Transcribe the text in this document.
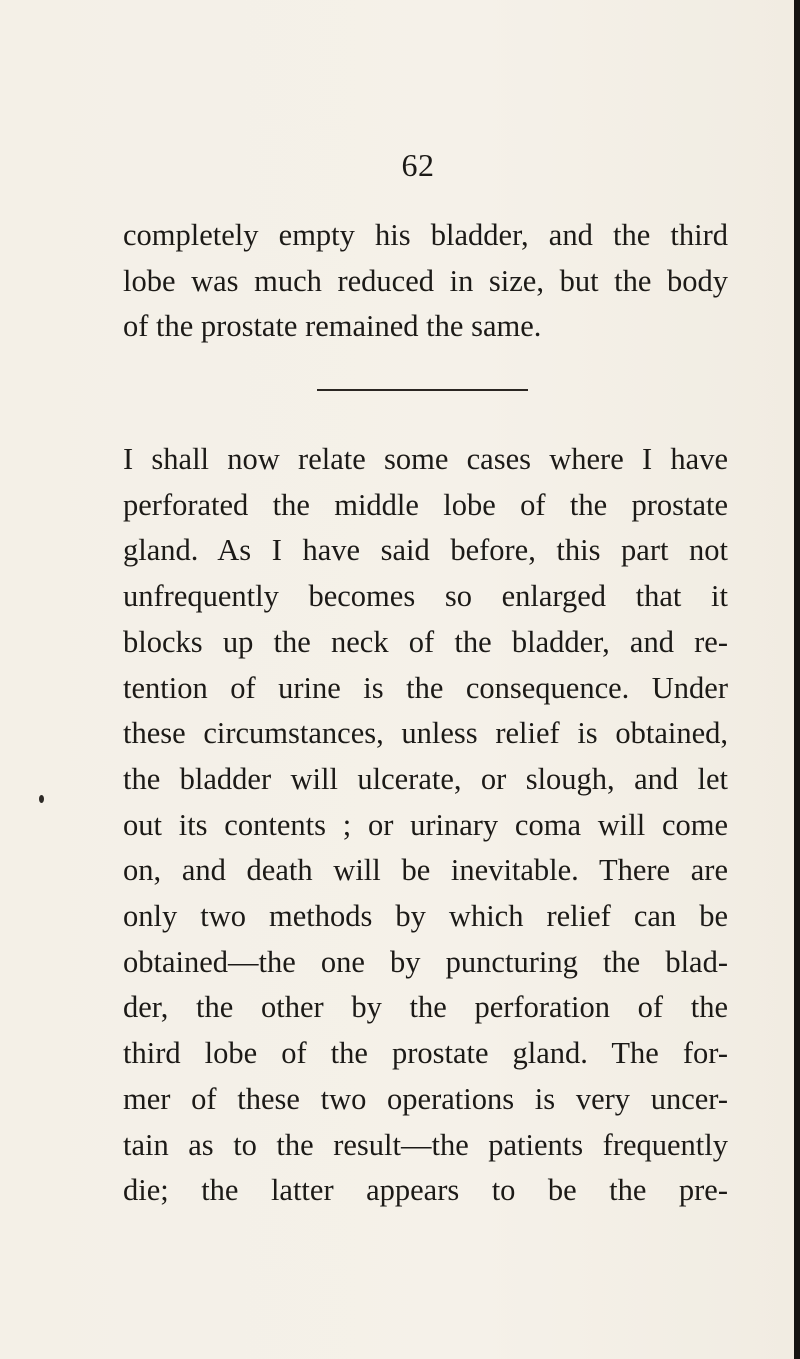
62
completely empty his bladder, and the third
lobe was much reduced in size, but the body
of the prostate remained the same.
I shall now relate some cases where I have
perforated the middle lobe of the prostate
gland. As I have said before, this part not
unfrequently becomes so enlarged that it
blocks up the neck of the bladder, and re-
tention of urine is the consequence. Under
these circumstances, unless relief is obtained,
the bladder will ulcerate, or slough, and let
out its contents ; or urinary coma will come
on, and death will be inevitable. There are
only two methods by which relief can be
obtained—the one by puncturing the blad-
der, the other by the perforation of the
third lobe of the prostate gland. The for-
mer of these two operations is very uncer-
tain as to the result—the patients frequently
die; the latter appears to be the pre-
